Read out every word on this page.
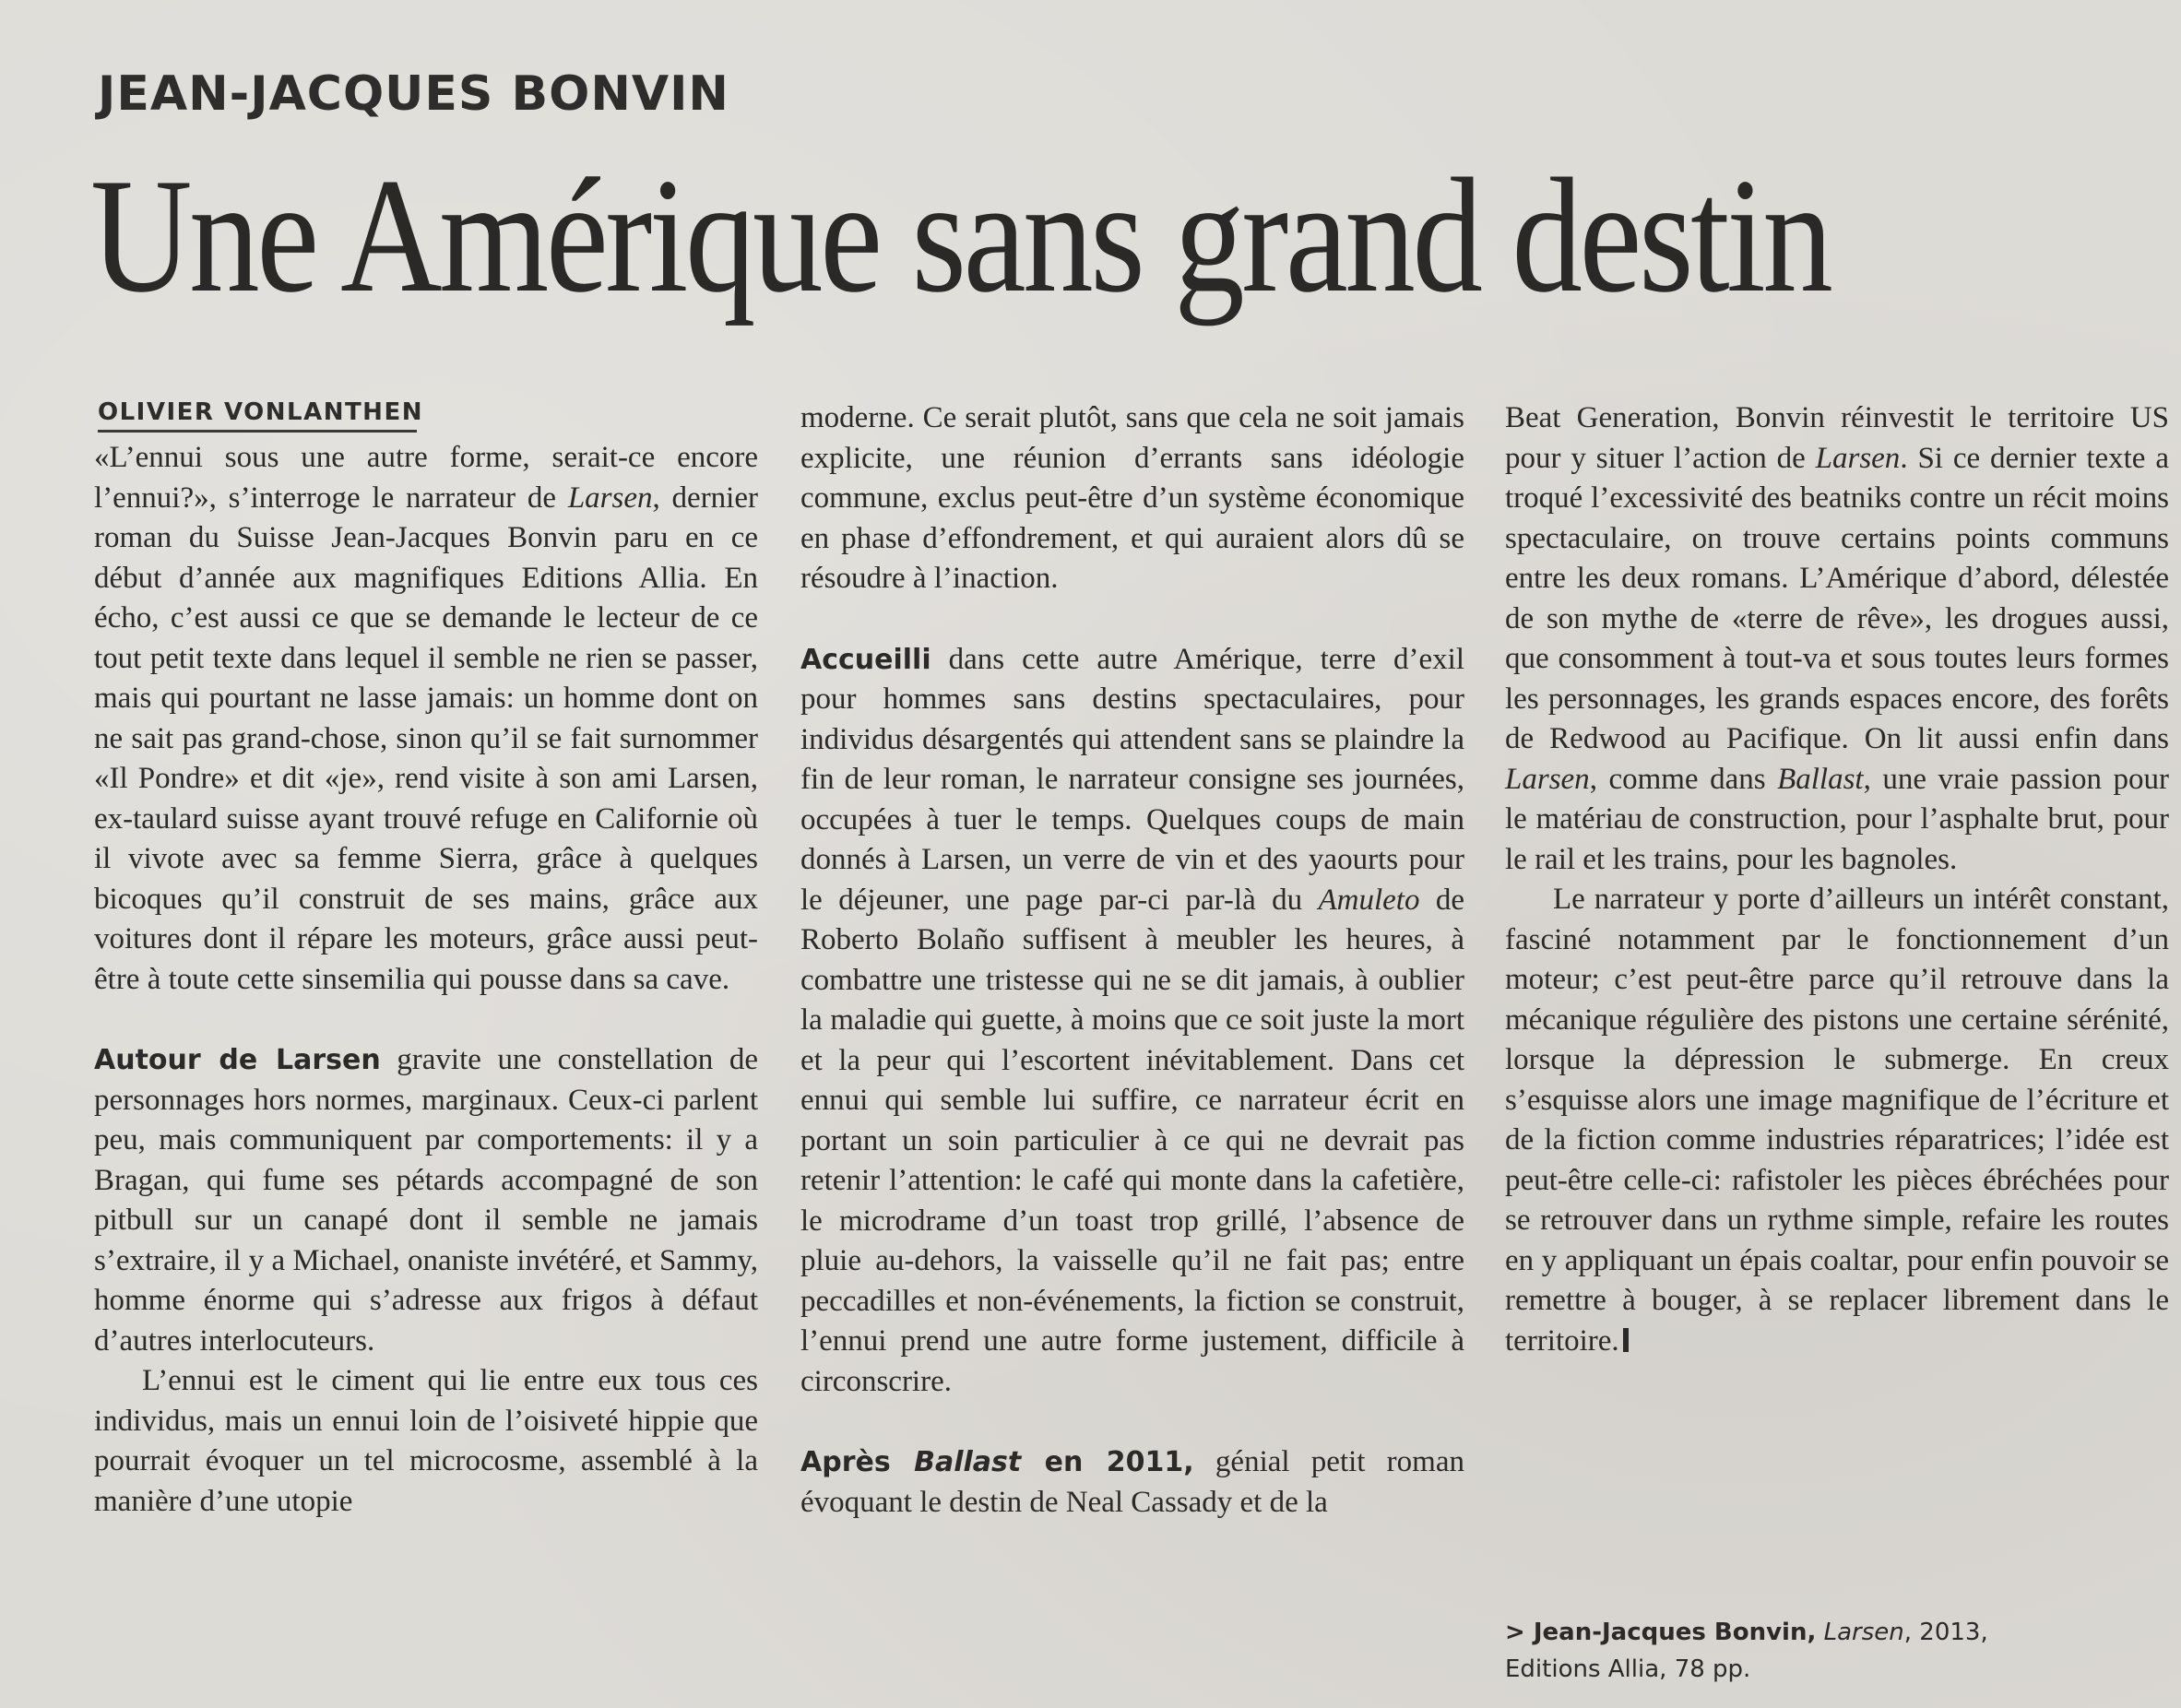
JEAN-JACQUES BONVIN
Une Amérique sans grand destin
OLIVIER VONLANTHEN

«L’ennui sous une autre forme, serait-ce encore l’ennui?», s’interroge le narrateur de Larsen, dernier roman du Suisse Jean-Jacques Bonvin paru en ce début d’année aux magnifiques Editions Allia. En écho, c’est aussi ce que se demande le lecteur de ce tout petit texte dans lequel il semble ne rien se passer, mais qui pourtant ne lasse jamais: un homme dont on ne sait pas grand-chose, sinon qu’il se fait surnommer «Il Pondre» et dit «je», rend visite à son ami Larsen, ex-taulard suisse ayant trouvé refuge en Californie où il vivote avec sa femme Sierra, grâce à quelques bicoques qu’il construit de ses mains, grâce aux voitures dont il répare les moteurs, grâce aussi peut-être à toute cette sinsemilia qui pousse dans sa cave.

Autour de Larsen gravite une constellation de personnages hors normes, marginaux. Ceux-ci parlent peu, mais communiquent par comportements: il y a Bragan, qui fume ses pétards accompagné de son pitbull sur un canapé dont il semble ne jamais s’extraire, il y a Michael, onaniste invétéré, et Sammy, homme énorme qui s’adresse aux frigos à défaut d’autres interlocuteurs.

L’ennui est le ciment qui lie entre eux tous ces individus, mais un ennui loin de l’oisiveté hippie que pourrait évoquer un tel microcosme, assemblé à la manière d’une utopie

moderne. Ce serait plutôt, sans que cela ne soit jamais explicite, une réunion d’errants sans idéologie commune, exclus peut-être d’un système économique en phase d’effondrement, et qui auraient alors dû se résoudre à l’inaction.

Accueilli dans cette autre Amérique, terre d’exil pour hommes sans destins spectaculaires, pour individus désargentés qui attendent sans se plaindre la fin de leur roman, le narrateur consigne ses journées, occupées à tuer le temps. Quelques coups de main donnés à Larsen, un verre de vin et des yaourts pour le déjeuner, une page par-ci par-là du Amuleto de Roberto Bolaño suffisent à meubler les heures, à combattre une tristesse qui ne se dit jamais, à oublier la maladie qui guette, à moins que ce soit juste la mort et la peur qui l’escortent inévitablement. Dans cet ennui qui semble lui suffire, ce narrateur écrit en portant un soin particulier à ce qui ne devrait pas retenir l’attention: le café qui monte dans la cafetière, le microdrame d’un toast trop grillé, l’absence de pluie au-dehors, la vaisselle qu’il ne fait pas; entre peccadilles et non-événements, la fiction se construit, l’ennui prend une autre forme justement, difficile à circonscrire.

Après Ballast en 2011, génial petit roman évoquant le destin de Neal Cassady et de la

Beat Generation, Bonvin réinvestit le territoire US pour y situer l’action de Larsen. Si ce dernier texte a troqué l’excessivité des beatniks contre un récit moins spectaculaire, on trouve certains points communs entre les deux romans. L’Amérique d’abord, délestée de son mythe de «terre de rêve», les drogues aussi, que consomment à tout-va et sous toutes leurs formes les personnages, les grands espaces encore, des forêts de Redwood au Pacifique. On lit aussi enfin dans Larsen, comme dans Ballast, une vraie passion pour le matériau de construction, pour l’asphalte brut, pour le rail et les trains, pour les bagnoles.

Le narrateur y porte d’ailleurs un intérêt constant, fasciné notamment par le fonctionnement d’un moteur; c’est peut-être parce qu’il retrouve dans la mécanique régulière des pistons une certaine sérénité, lorsque la dépression le submerge. En creux s’esquisse alors une image magnifique de l’écriture et de la fiction comme industries réparatrices; l’idée est peut-être celle-ci: rafistoler les pièces ébréchées pour se retrouver dans un rythme simple, refaire les routes en y appliquant un épais coaltar, pour enfin pouvoir se remettre à bouger, à se replacer librement dans le territoire.

> Jean-Jacques Bonvin, Larsen, 2013,
Editions Allia, 78 pp.
